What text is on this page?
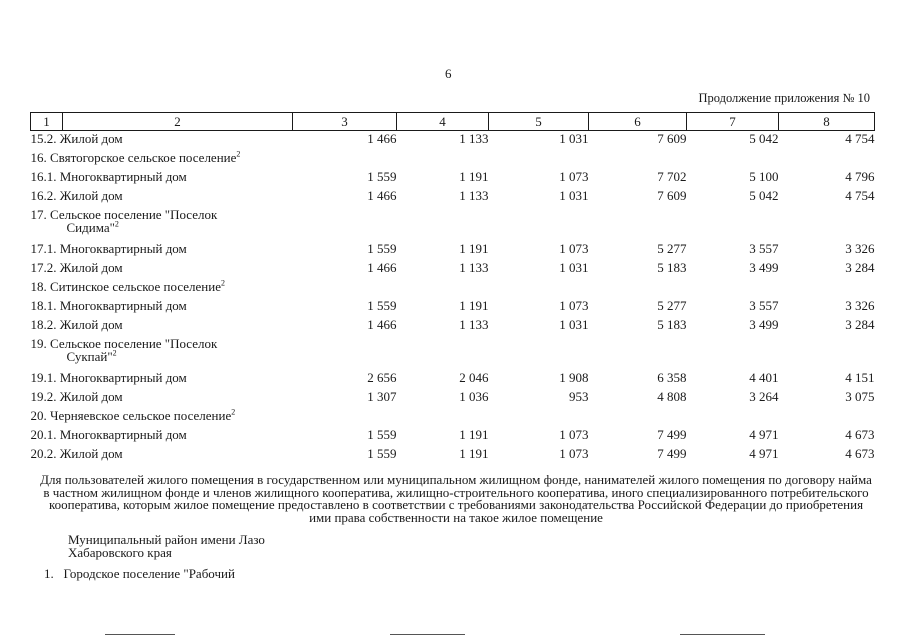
6
Продолжение приложения № 10
1	2	3	4	5	6	7	8
15.2. Жилой дом		1 466	1 133	1 031	7 609	5 042	4 754
16. Святогорское сельское поселение$^2$
16.1. Многоквартирный дом		1 559	1 191	1 073	7 702	5 100	4 796
16.2. Жилой дом		1 466	1 133	1 031	7 609	5 042	4 754
17. Сельское поселение "Поселок
Сидима"$^2$

17.1. Многоквартирный дом		1 559	1 191	1 073	5 277	3 557	3 326
17.2. Жилой дом		1 466	1 133	1 031	5 183	3 499	3 284
18. Ситинское сельское поселение$^2$
18.1. Многоквартирный дом		1 559	1 191	1 073	5 277	3 557	3 326
18.2. Жилой дом		1 466	1 133	1 031	5 183	3 499	3 284
19. Сельское поселение "Поселок
Сукпай"$^2$

19.1. Многоквартирный дом		2 656	2 046	1 908	6 358	4 401	4 151
19.2. Жилой дом		1 307	1 036	953	4 808	3 264	3 075
20. Черняевское сельское поселение$^2$
20.1. Многоквартирный дом		1 559	1 191	1 073	7 499	4 971	4 673
20.2. Жилой дом		1 559	1 191	1 073	7 499	4 971	4 673
Для пользователей жилого помещения в государственном или муниципальном жилищном фонде, нанимателей жилого помещения по договору найма в частном жилищном фонде и членов жилищного кооператива, жилищно-строительного кооператива, иного специализированного потребительского кооператива, которым жилое помещение предоставлено в соответствии с требованиями законодательства Российской Федерации до приобретения ими права собственности на такое жилое помещение
Муниципальный район имени Лазо
Хабаровского края
1. Городское поселение "Рабочий
